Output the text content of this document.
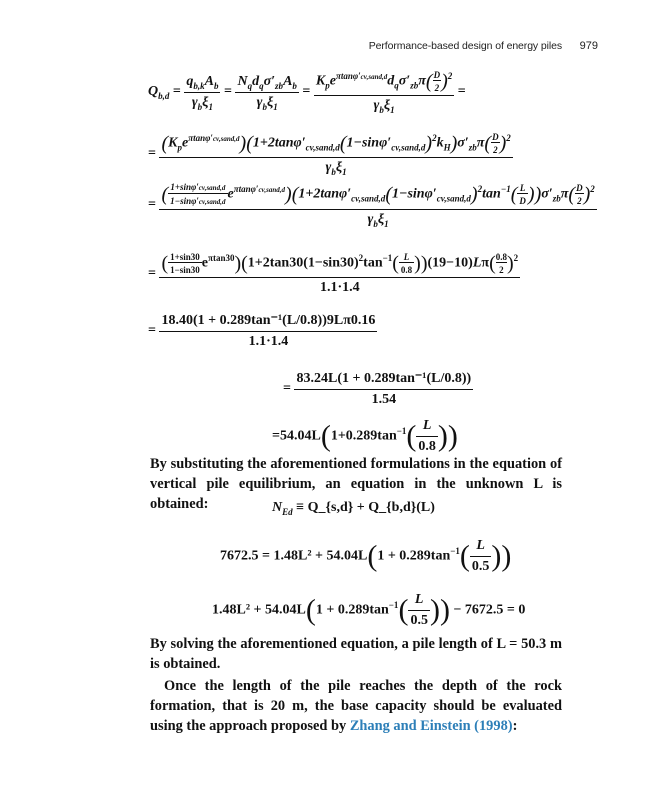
Performance-based design of energy piles 979
$Q_{b,d} = \frac{q_{b,k}A_b}{\gamma_b\xi_1} = \frac{N_qd_q\sigma'_{zb}A_b}{\gamma_b\xi_1} = \frac{K_pe^{\pi tan\varphi'cv,sand,d}d_q\sigma'_{zb}\pi( \frac{D}{2} )^2}{\gamma_b\xi_1}$ =
= $(K_pe^{\pi tan\varphi'cv,sand,d})(1+2\tan\varphi'_{cv,sand,d}(1-\sin\varphi'_{cv,sand,d})^2k_H)\sigma'_{zb}\pi( \frac{D}{2} )^2$
$\gamma_b\xi_1$
= ( $\frac{\text{1+sinφ′cv,sand,d}}{\text{1−sinφ′cv,sand,d}} e^{\pi tan\varphi'cv,sand,d})(1+2\tan\varphi'_{cv,sand,d}(1-\sin\varphi'_{cv,sand,d})^2\tan^{-1}( \frac{L}{D} ))\sigma'_{zb}\pi( \frac{D}{2} )^2$
$\gamma_b\xi_1$
= ( $\frac{1+\sin 30}{1-\sin 30} e^{\pi tan30})(1+2\tan 30(1-\sin 30)^2\tan^{-1}( \frac{L}{0.8} ))(19-10)L\pi( \frac{0.8}{2} )^2$
1.1·1.4
= $\frac{\text{18.40(1 + 0.289tan⁻¹(L/0.8))9Lπ0.16}}{1.1\cdot 1.4}$
= $\frac{\text{83.24L(1 + 0.289tan⁻¹(L/0.8))}}{1.54}$
$=54.04L(1+0.289\tan^{-1}( \frac{L}{0.8}$ ))

By substituting the aforementioned formulations in the equation of vertical pile equilibrium, an equation in the unknown L is obtained:	$N_{Ed}$ ≡ Q_{s,d} + Q_{b,d}(L)
$7672.5 = 1.48L^2 + 54.04L(1 + 0.289\tan^{-1}( \frac{L}{0.5}$ ))
$1.48L^2 + 54.04L(1 + 0.289\tan^{-1}( \frac{L}{0.5}$ )) − 7672.5 = 0

By solving the aforementioned equation, a pile length of L = 50.3 m is obtained.

Once the length of the pile reaches the depth of the rock formation, that is 20 m, the base capacity should be evaluated using the approach proposed by Zhang and Einstein (1998):
